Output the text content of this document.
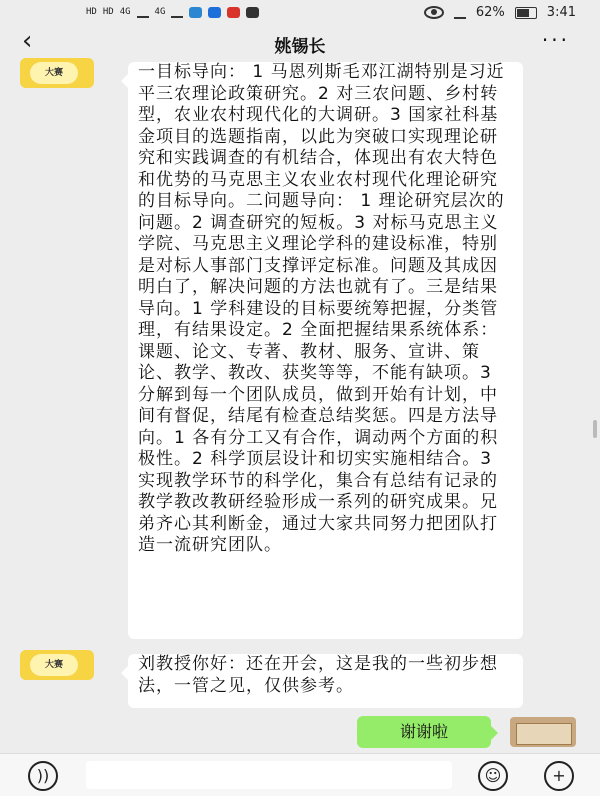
HD HD 4G	4G	62%	3:41
‹	姚锡长	···
大赛	一目标导向： 1 马恩列斯毛邓江湖特别是习近平三农理论政策研究。2 对三农问题、乡村转型，农业农村现代化的大调研。3 国家社科基金项目的选题指南，以此为突破口实现理论研究和实践调查的有机结合，体现出有农大特色和优势的马克思主义农业农村现代化理论研究的目标导向。二问题导向： 1 理论研究层次的问题。2 调查研究的短板。3 对标马克思主义学院、马克思主义理论学科的建设标准，特别是对标人事部门支撑评定标准。问题及其成因明白了，解决问题的方法也就有了。三是结果导向。1 学科建设的目标要统筹把握，分类管理，有结果设定。2 全面把握结果系统体系：课题、论文、专著、教材、服务、宣讲、策论、教学、教改、获奖等等，不能有缺项。3 分解到每一个团队成员，做到开始有计划，中间有督促，结尾有检查总结奖惩。四是方法导向。1 各有分工又有合作，调动两个方面的积极性。2 科学顶层设计和切实实施相结合。3 实现教学环节的科学化，集合有总结有记录的教学教改教研经验形成一系列的研究成果。兄弟齐心其利断金，通过大家共同努力把团队打造一流研究团队。
大赛	刘教授你好：还在开会，这是我的一些初步想法，一管之见，仅供参考。
谢谢啦
))	☺	+
